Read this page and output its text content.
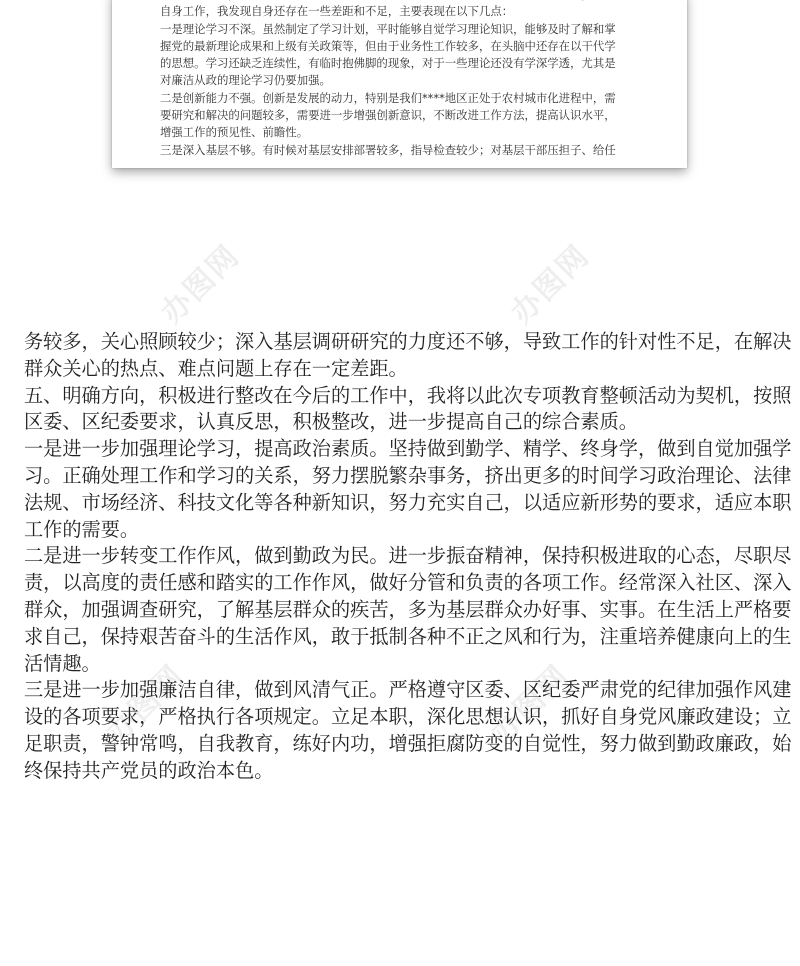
自身工作，我发现自身还存在一些差距和不足，主要表现在以下几点：
一是理论学习不深。虽然制定了学习计划，平时能够自觉学习理论知识，能够及时了解和掌
握党的最新理论成果和上级有关政策等，但由于业务性工作较多，在头脑中还存在以干代学
的思想。学习还缺乏连续性，有临时抱佛脚的现象，对于一些理论还没有学深学透，尤其是
对廉洁从政的理论学习仍要加强。
二是创新能力不强。创新是发展的动力，特别是我们****地区正处于农村城市化进程中，需
要研究和解决的问题较多，需要进一步增强创新意识，不断改进工作方法，提高认识水平，
增强工作的预见性、前瞻性。
三是深入基层不够。有时候对基层安排部署较多，指导检查较少；对基层干部压担子、给任
办图网	办图网
办图网	办图网
务较多，关心照顾较少；深入基层调研研究的力度还不够，导致工作的针对性不足，在解决
群众关心的热点、难点问题上存在一定差距。
五、明确方向，积极进行整改在今后的工作中，我将以此次专项教育整顿活动为契机，按照
区委、区纪委要求，认真反思，积极整改，进一步提高自己的综合素质。
一是进一步加强理论学习，提高政治素质。坚持做到勤学、精学、终身学，做到自觉加强学
习。正确处理工作和学习的关系，努力摆脱繁杂事务，挤出更多的时间学习政治理论、法律
法规、市场经济、科技文化等各种新知识，努力充实自己，以适应新形势的要求，适应本职
工作的需要。
二是进一步转变工作作风，做到勤政为民。进一步振奋精神，保持积极进取的心态，尽职尽
责，以高度的责任感和踏实的工作作风，做好分管和负责的各项工作。经常深入社区、深入
群众，加强调查研究，了解基层群众的疾苦，多为基层群众办好事、实事。在生活上严格要
求自己，保持艰苦奋斗的生活作风，敢于抵制各种不正之风和行为，注重培养健康向上的生
活情趣。
三是进一步加强廉洁自律，做到风清气正。严格遵守区委、区纪委严肃党的纪律加强作风建
设的各项要求，严格执行各项规定。立足本职，深化思想认识，抓好自身党风廉政建设；立
足职责，警钟常鸣，自我教育，练好内功，增强拒腐防变的自觉性，努力做到勤政廉政，始
终保持共产党员的政治本色。
